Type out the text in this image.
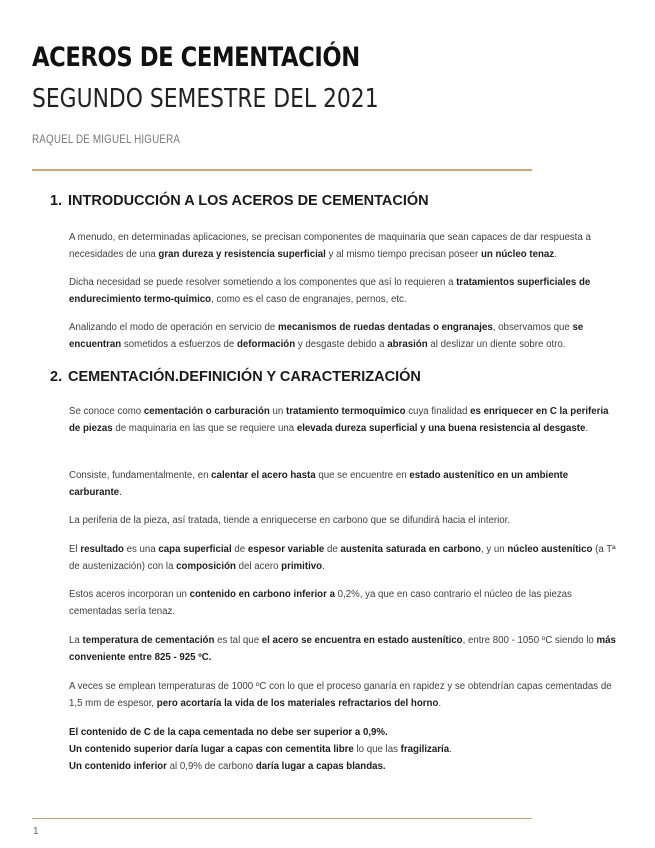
ACEROS DE CEMENTACIÓN
SEGUNDO SEMESTRE DEL 2021
RAQUEL DE MIGUEL HIGUERA
1. INTRODUCCIÓN A LOS ACEROS DE CEMENTACIÓN
A menudo, en determinadas aplicaciones, se precisan componentes de maquinaria que sean capaces de dar respuesta a necesidades de una gran dureza y resistencia superficial y al mismo tiempo precisan poseer un núcleo tenaz.
Dicha necesidad se puede resolver sometiendo a los componentes que así lo requieren a tratamientos superficiales de endurecimiento termo-químico, como es el caso de engranajes, pernos, etc.
Analizando el modo de operación en servicio de mecanismos de ruedas dentadas o engranajes, observamos que se encuentran sometidos a esfuerzos de deformación y desgaste debido a abrasión al deslizar un diente sobre otro.
2. CEMENTACIÓN.DEFINICIÓN Y CARACTERIZACIÓN
Se conoce como cementación o carburación un tratamiento termoquímico cuya finalidad es enriquecer en C la periferia de piezas de maquinaria en las que se requiere una elevada dureza superficial y una buena resistencia al desgaste.
Consiste, fundamentalmente, en calentar el acero hasta que se encuentre en estado austenítico en un ambiente carburante.
La periferia de la pieza, así tratada, tiende a enriquecerse en carbono que se difundirá hacia el interior.
El resultado es una capa superficial de espesor variable de austenita saturada en carbono, y un núcleo austenítico (a Tª de austenización) con la composición del acero primitivo.
Estos aceros incorporan un contenido en carbono inferior a 0,2%, ya que en caso contrario el núcleo de las piezas cementadas sería tenaz.
La temperatura de cementación es tal que el acero se encuentra en estado austenítico, entre 800 - 1050 ºC siendo lo más conveniente entre 825 - 925 ºC.
A veces se emplean temperaturas de 1000 ºC con lo que el proceso ganaría en rapidez y se obtendrían capas cementadas de 1,5 mm de espesor, pero acortaría la vida de los materiales refractarios del horno.
El contenido de C de la capa cementada no debe ser superior a 0,9%.
Un contenido superior daría lugar a capas con cementita libre lo que las fragilizaría.
Un contenido inferior al 0,9% de carbono daría lugar a capas blandas.
1
